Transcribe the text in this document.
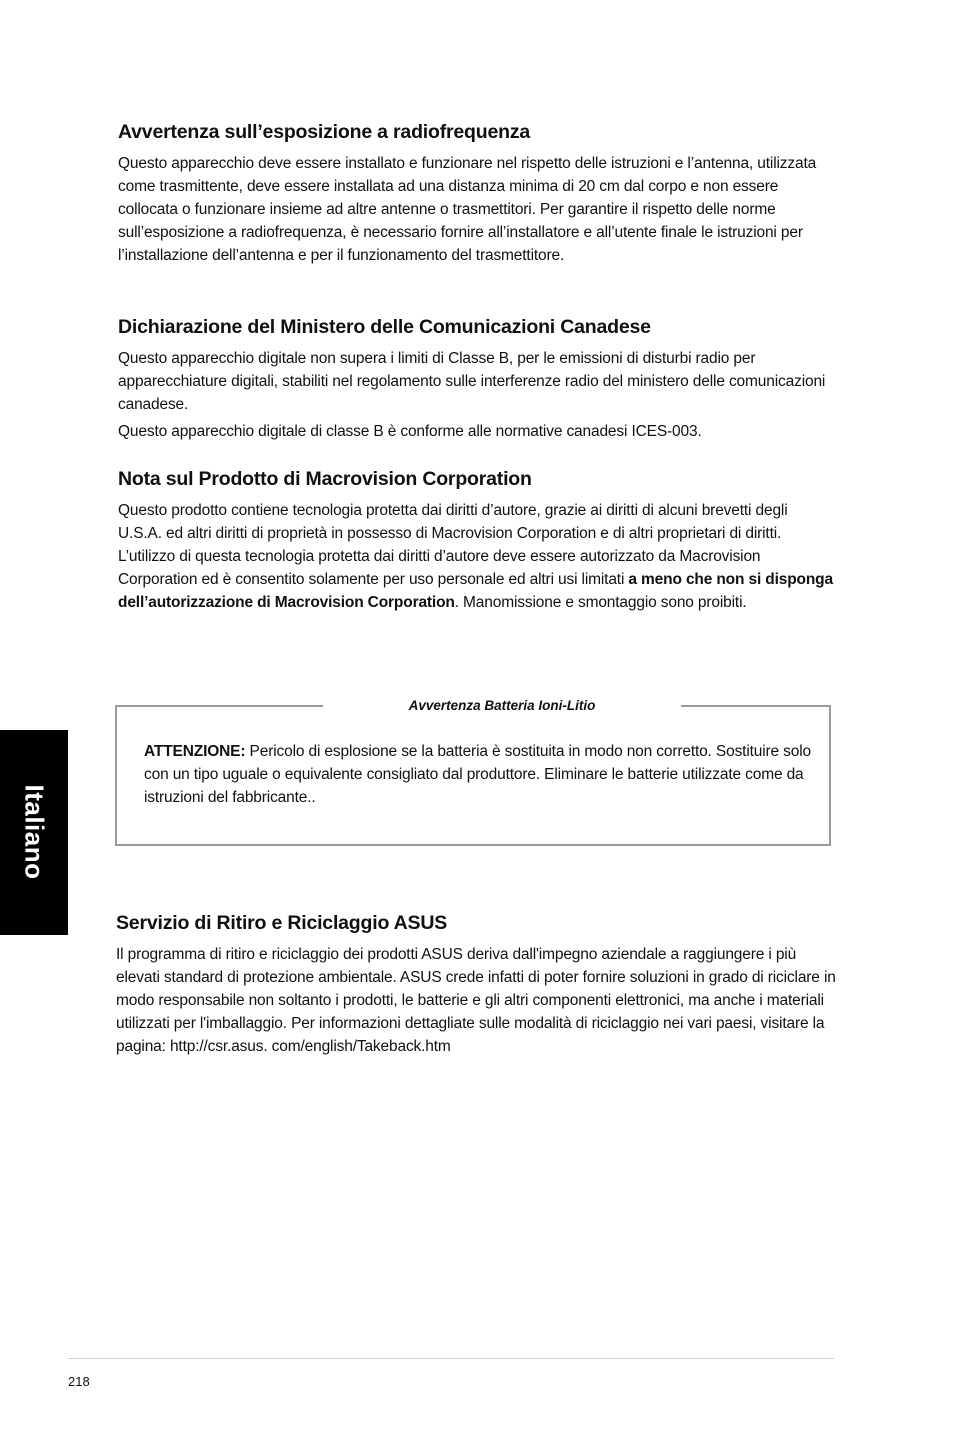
Avvertenza sull’esposizione a radiofrequenza

Questo apparecchio deve essere installato e funzionare nel rispetto delle istruzioni e l’antenna, utilizzata come trasmittente, deve essere installata ad una distanza minima di 20 cm dal corpo e non essere collocata o funzionare insieme ad altre antenne o trasmettitori. Per garantire il rispetto delle norme sull’esposizione a radiofrequenza, è necessario fornire all’installatore e all’utente finale le istruzioni per l’installazione dell’antenna e per il funzionamento del trasmettitore.

Dichiarazione del Ministero delle Comunicazioni Canadese

Questo apparecchio digitale non supera i limiti di Classe B, per le emissioni di disturbi radio per apparecchiature digitali, stabiliti nel regolamento sulle interferenze radio del ministero delle comunicazioni canadese.

Questo apparecchio digitale di classe B è conforme alle normative canadesi ICES-003.

Nota sul Prodotto di Macrovision Corporation

Questo prodotto contiene tecnologia protetta dai diritti d’autore, grazie ai diritti di alcuni brevetti degli U.S.A. ed altri diritti di proprietà in possesso di Macrovision Corporation e di altri proprietari di diritti. L’utilizzo di questa tecnologia protetta dai diritti d’autore deve essere autorizzato da Macrovision Corporation ed è consentito solamente per uso personale ed altri usi limitati a meno che non si disponga dell’autorizzazione di Macrovision Corporation. Manomissione e smontaggio sono proibiti.

Avvertenza Batteria Ioni-Litio
ATTENZIONE: Pericolo di esplosione se la batteria è sostituita in modo non corretto. Sostituire solo con un tipo uguale o equivalente consigliato dal produttore. Eliminare le batterie utilizzate come da istruzioni del fabbricante..
Servizio di Ritiro e Riciclaggio ASUS

Il programma di ritiro e riciclaggio dei prodotti ASUS deriva dall'impegno aziendale a raggiungere i più elevati standard di protezione ambientale. ASUS crede infatti di poter fornire soluzioni in grado di riciclare in modo responsabile non soltanto i prodotti, le batterie e gli altri componenti elettronici, ma anche i materiali utilizzati per l'imballaggio. Per informazioni dettagliate sulle modalità di riciclaggio nei vari paesi, visitare la pagina: http://csr.asus. com/english/Takeback.htm

Italiano
218
